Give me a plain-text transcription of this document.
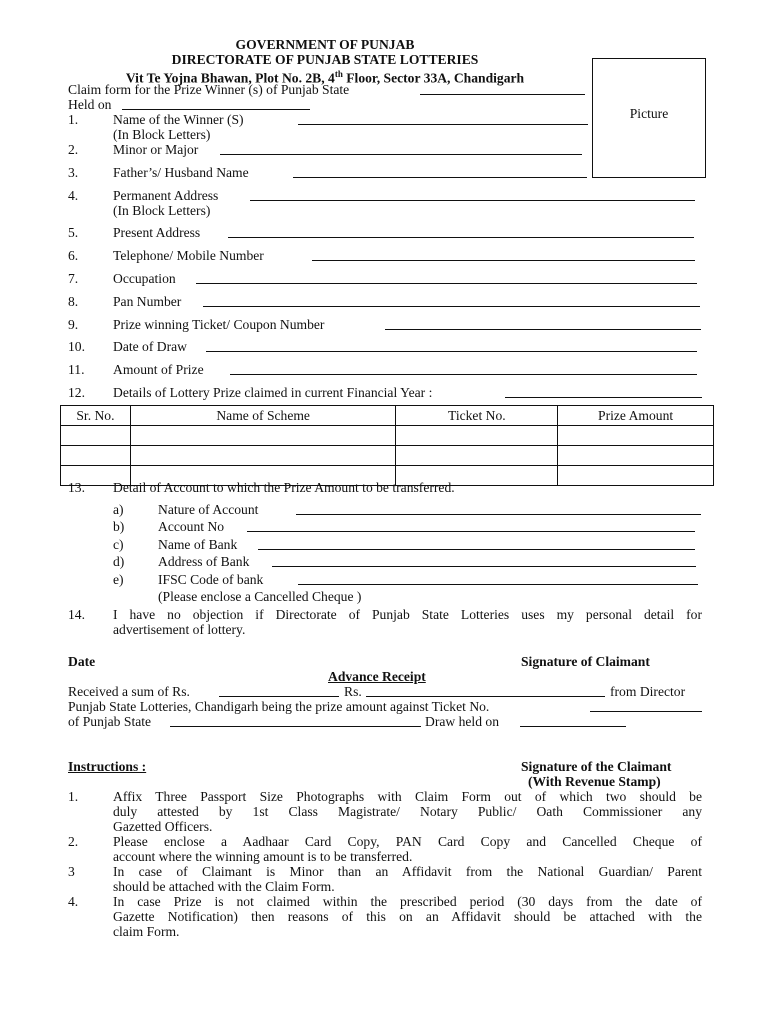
GOVERNMENT OF PUNJAB
DIRECTORATE OF PUNJAB STATE LOTTERIES
Vit Te Yojna Bhawan, Plot No. 2B, 4th Floor, Sector 33A, Chandigarh
Claim form for the Prize Winner (s) of Punjab State
Held on
Picture
1.	Name of the Winner (S)
(In Block Letters)
2.	Minor or Major
3.	Father’s/ Husband Name
4.	Permanent Address
(In Block Letters)
5.	Present Address
6.	Telephone/ Mobile Number
7.	Occupation
8.	Pan Number
9.	Prize winning Ticket/ Coupon Number
10. Date of Draw
11. Amount of Prize
12. Details of Lottery Prize claimed in current Financial Year :
Sr. No.	Name of Scheme	Ticket No.	Prize Amount

13. Detail of Account to which the Prize Amount to be transferred.
a)	Nature of Account
b) Account No
c)	Name of Bank
d) Address of Bank
e)	IFSC Code of bank
(Please enclose a Cancelled Cheque )
14. I have no objection if Directorate of Punjab State Lotteries uses my personal detail for
advertisement of lottery.
Date	Signature of Claimant
Advance Receipt
Received a sum of Rs.	Rs.	from Director
Punjab State Lotteries, Chandigarh being the prize amount against Ticket No.
of Punjab State	Draw held on
Instructions :	Signature of the Claimant
(With Revenue Stamp)
1.	Affix Three Passport Size Photographs with Claim Form out of which two should be
duly attested by 1st Class Magistrate/ Notary Public/ Oath Commissioner any
Gazetted Officers.
2.	Please enclose a Aadhaar Card Copy, PAN Card Copy and Cancelled Cheque of
account where the winning amount is to be transferred.
3	In case of Claimant is Minor than an Affidavit from the National Guardian/ Parent
should be attached with the Claim Form.
4.	In case Prize is not claimed within the prescribed period (30 days from the date of
Gazette Notification) then reasons of this on an Affidavit should be attached with the
claim Form.
